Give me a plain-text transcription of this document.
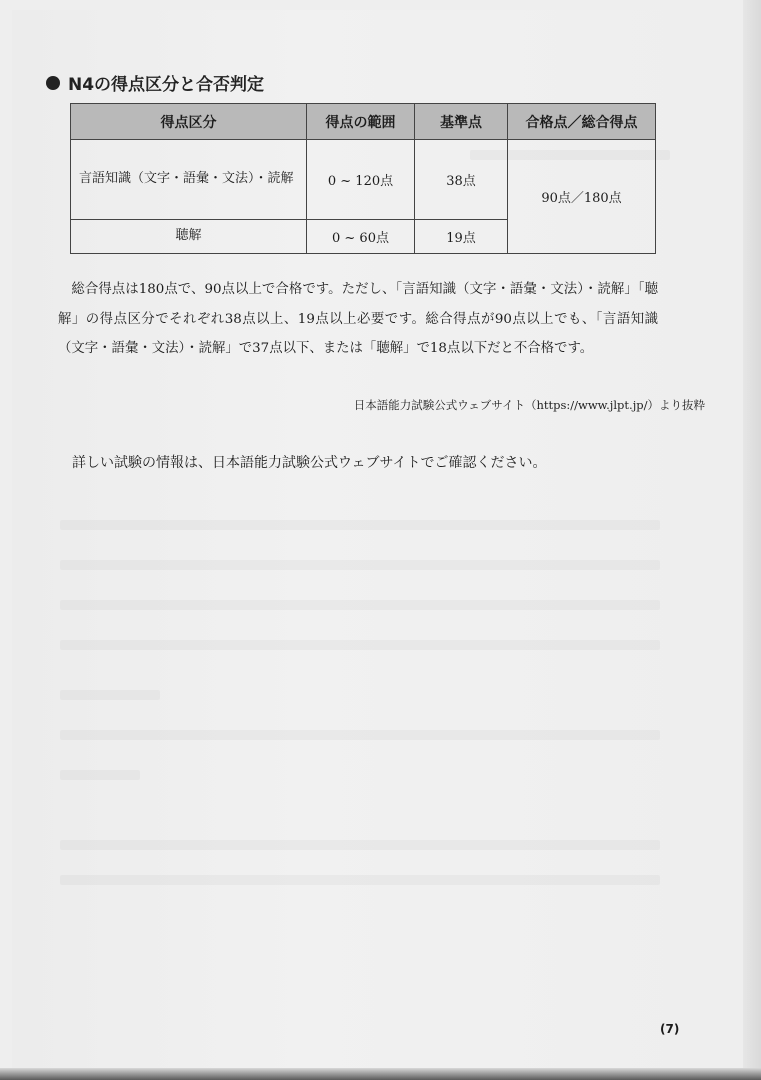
N4の得点区分と合否判定
得点区分	得点の範囲	基準点	合格点／総合得点
言語知識（文字・語彙・文法）・読解	0 ~ 120点	38点	90点／180点
聴解	0 ~ 60点	19点	

総合得点は180点で、90点以上で合格です。ただし、「言語知識（文字・語彙・文法）・読解」「聴解」の得点区分でそれぞれ38点以上、19点以上必要です。総合得点が90点以上でも、「言語知識（文字・語彙・文法）・読解」で37点以下、または「聴解」で18点以下だと不合格です。

日本語能力試験公式ウェブサイト（https://www.jlpt.jp/）より抜粋

詳しい試験の情報は、日本語能力試験公式ウェブサイトでご確認ください。

(7)
